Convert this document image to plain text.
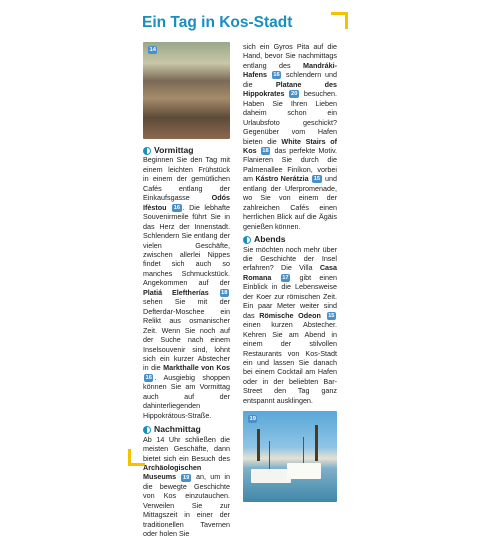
Ein Tag in Kos-Stadt
14
Vormittag

Beginnen Sie den Tag mit einem leichten Frühstück in einem der gemütlichen Cafés entlang der Einkaufsgasse Odós Ifèstou 16 . Die lebhafte Souvenirmeile führt Sie in das Herz der Innenstadt. Schlendern Sie entlang der vielen Geschäfte, zwischen allerlei Nippes findet sich auch so manches Schmuckstück. Angekommen auf der Platiá Eleftherías 18 sehen Sie mit der Defterdar-Moschee ein Relikt aus osmanischer Zeit. Wenn Sie noch auf der Suche nach einem Inselsouvenir sind, lohnt sich ein kurzer Abstecher in die Markthalle von Kos 16 . Ausgiebig shoppen können Sie am Vormittag auch auf der dahinterliegenden Hippokrátous-Straße.

Nachmittag

Ab 14 Uhr schließen die meisten Geschäfte, dann bietet sich ein Besuch des Archäologischen Museums 19 an, um in die bewegte Geschichte von Kos einzutauchen. Verweilen Sie zur Mittagszeit in einer der traditionellen Tavernen oder holen Sie

sich ein Gyros Pita auf die Hand, bevor Sie nachmittags entlang des Mandráki-Hafens 16 schlendern und die Platane des Hippokrates 20 besuchen. Haben Sie Ihren Lieben daheim schon ein Urlaubsfoto geschickt? Gegenüber vom Hafen bieten die White Stairs of Kos 18 das perfekte Motiv. Flanieren Sie durch die Palmenallee Finíkon, vorbei am Kástro Nerátzia 15 und entlang der Uferpromenade, wo Sie von einem der zahlreichen Cafés einen herrlichen Blick auf die Ägäis genießen können.

Abends

Sie möchten noch mehr über die Geschichte der Insel erfahren? Die Villa Casa Romana 17 gibt einen Einblick in die Lebensweise der Koer zur römischen Zeit. Ein paar Meter weiter sind das Römische Odeon 15 einen kurzen Abstecher. Kehren Sie am Abend in einem der stilvollen Restaurants von Kos-Stadt ein und lassen Sie danach bei einem Cocktail am Hafen oder in der beliebten Bar-Street den Tag ganz entspannt ausklingen.

19
